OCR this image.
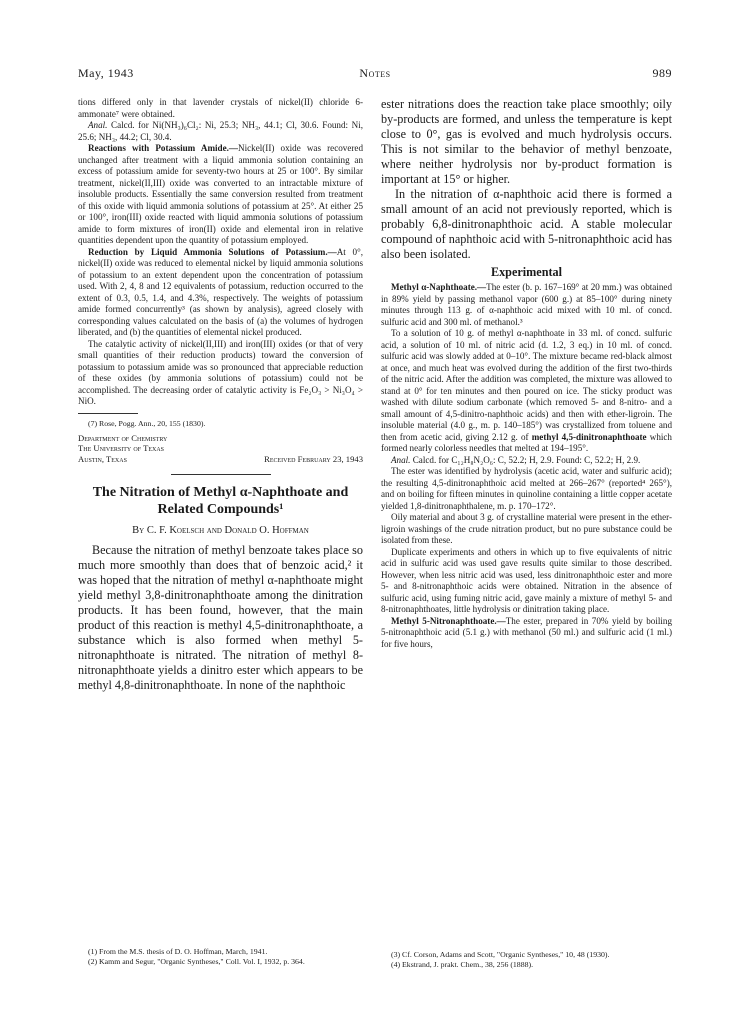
May, 1943	Notes	989

tions differed only in that lavender crystals of nickel(II) chloride 6-ammonate⁷ were obtained.

Anal. Calcd. for Ni(NH₃)₆Cl₂: Ni, 25.3; NH₃, 44.1; Cl, 30.6. Found: Ni, 25.6; NH₃, 44.2; Cl, 30.4.

Reactions with Potassium Amide.—Nickel(II) oxide was recovered unchanged after treatment with a liquid ammonia solution containing an excess of potassium amide for seventy-two hours at 25 or 100°. By similar treatment, nickel(II,III) oxide was converted to an intractable mixture of insoluble products. Essentially the same conversion resulted from treatment of this oxide with liquid ammonia solutions of potassium at 25°. At either 25 or 100°, iron(III) oxide reacted with liquid ammonia solutions of potassium amide to form mixtures of iron(II) oxide and elemental iron in relative quantities dependent upon the quantity of potassium employed.

Reduction by Liquid Ammonia Solutions of Potassium.—At 0°, nickel(II) oxide was reduced to elemental nickel by liquid ammonia solutions of potassium to an extent dependent upon the concentration of potassium used. With 2, 4, 8 and 12 equivalents of potassium, reduction occurred to the extent of 0.3, 0.5, 1.4, and 4.3%, respectively. The weights of potassium amide formed concurrently³ (as shown by analysis), agreed closely with corresponding values calculated on the basis of (a) the volumes of hydrogen liberated, and (b) the quantities of elemental nickel produced.

The catalytic activity of nickel(II,III) and iron(III) oxides (or that of very small quantities of their reduction products) toward the conversion of potassium to potassium amide was so pronounced that appreciable reduction of these oxides (by ammonia solutions of potassium) could not be accomplished. The decreasing order of catalytic activity is Fe₂O₃ > Ni₃O₄ > NiO.

(7) Rose, Pogg. Ann., 20, 155 (1830).

Department of Chemistry
The University of Texas
Austin, Texas	Received February 23, 1943
The Nitration of Methyl α-Naphthoate and Related Compounds¹
By C. F. Koelsch and Donald O. Hoffman

Because the nitration of methyl benzoate takes place so much more smoothly than does that of benzoic acid,² it was hoped that the nitration of methyl α-naphthoate might yield methyl 3,8-dinitronaphthoate among the dinitration products. It has been found, however, that the main product of this reaction is methyl 4,5-dinitronaphthoate, a substance which is also formed when methyl 5-nitronaphthoate is nitrated. The nitration of methyl 8-nitronaphthoate yields a dinitro ester which appears to be methyl 4,8-dinitronaphthoate. In none of the naphthoic

(1) From the M.S. thesis of D. O. Hoffman, March, 1941.

(2) Kamm and Segur, "Organic Syntheses," Coll. Vol. I, 1932, p. 364.

ester nitrations does the reaction take place smoothly; oily by-products are formed, and unless the temperature is kept close to 0°, gas is evolved and much hydrolysis occurs. This is not similar to the behavior of methyl benzoate, where neither hydrolysis nor by-product formation is important at 15° or higher.

In the nitration of α-naphthoic acid there is formed a small amount of an acid not previously reported, which is probably 6,8-dinitronaphthoic acid. A stable molecular compound of naphthoic acid with 5-nitronaphthoic acid has also been isolated.

Experimental

Methyl α-Naphthoate.—The ester (b. p. 167–169° at 20 mm.) was obtained in 89% yield by passing methanol vapor (600 g.) at 85–100° during ninety minutes through 113 g. of α-naphthoic acid mixed with 10 ml. of concd. sulfuric acid and 300 ml. of methanol.³

To a solution of 10 g. of methyl α-naphthoate in 33 ml. of concd. sulfuric acid, a solution of 10 ml. of nitric acid (d. 1.2, 3 eq.) in 10 ml. of concd. sulfuric acid was slowly added at 0–10°. The mixture became red-black almost at once, and much heat was evolved during the addition of the first two-thirds of the nitric acid. After the addition was completed, the mixture was allowed to stand at 0° for ten minutes and then poured on ice. The sticky product was washed with dilute sodium carbonate (which removed 5- and 8-nitro- and a small amount of 4,5-dinitro-naphthoic acids) and then with ether-ligroin. The insoluble material (4.0 g., m. p. 140–185°) was crystallized from toluene and then from acetic acid, giving 2.12 g. of methyl 4,5-dinitronaphthoate which formed nearly colorless needles that melted at 194–195°.

Anal. Calcd. for C₁₂H₈N₂O₆: C, 52.2; H, 2.9. Found: C, 52.2; H, 2.9.

The ester was identified by hydrolysis (acetic acid, water and sulfuric acid); the resulting 4,5-dinitronaphthoic acid melted at 266–267° (reported⁴ 265°), and on boiling for fifteen minutes in quinoline containing a little copper acetate yielded 1,8-dinitronaphthalene, m. p. 170–172°.

Oily material and about 3 g. of crystalline material were present in the ether-ligroin washings of the crude nitration product, but no pure substance could be isolated from these.

Duplicate experiments and others in which up to five equivalents of nitric acid in sulfuric acid was used gave results quite similar to those described. However, when less nitric acid was used, less dinitronaphthoic ester and more 5- and 8-nitronaphthoic acids were obtained. Nitration in the absence of sulfuric acid, using fuming nitric acid, gave mainly a mixture of methyl 5- and 8-nitronaphthoates, little hydrolysis or dinitration taking place.

Methyl 5-Nitronaphthoate.—The ester, prepared in 70% yield by boiling 5-nitronaphthoic acid (5.1 g.) with methanol (50 ml.) and sulfuric acid (1 ml.) for five hours,

(3) Cf. Corson, Adams and Scott, "Organic Syntheses," 10, 48 (1930).

(4) Ekstrand, J. prakt. Chem., 38, 256 (1888).
